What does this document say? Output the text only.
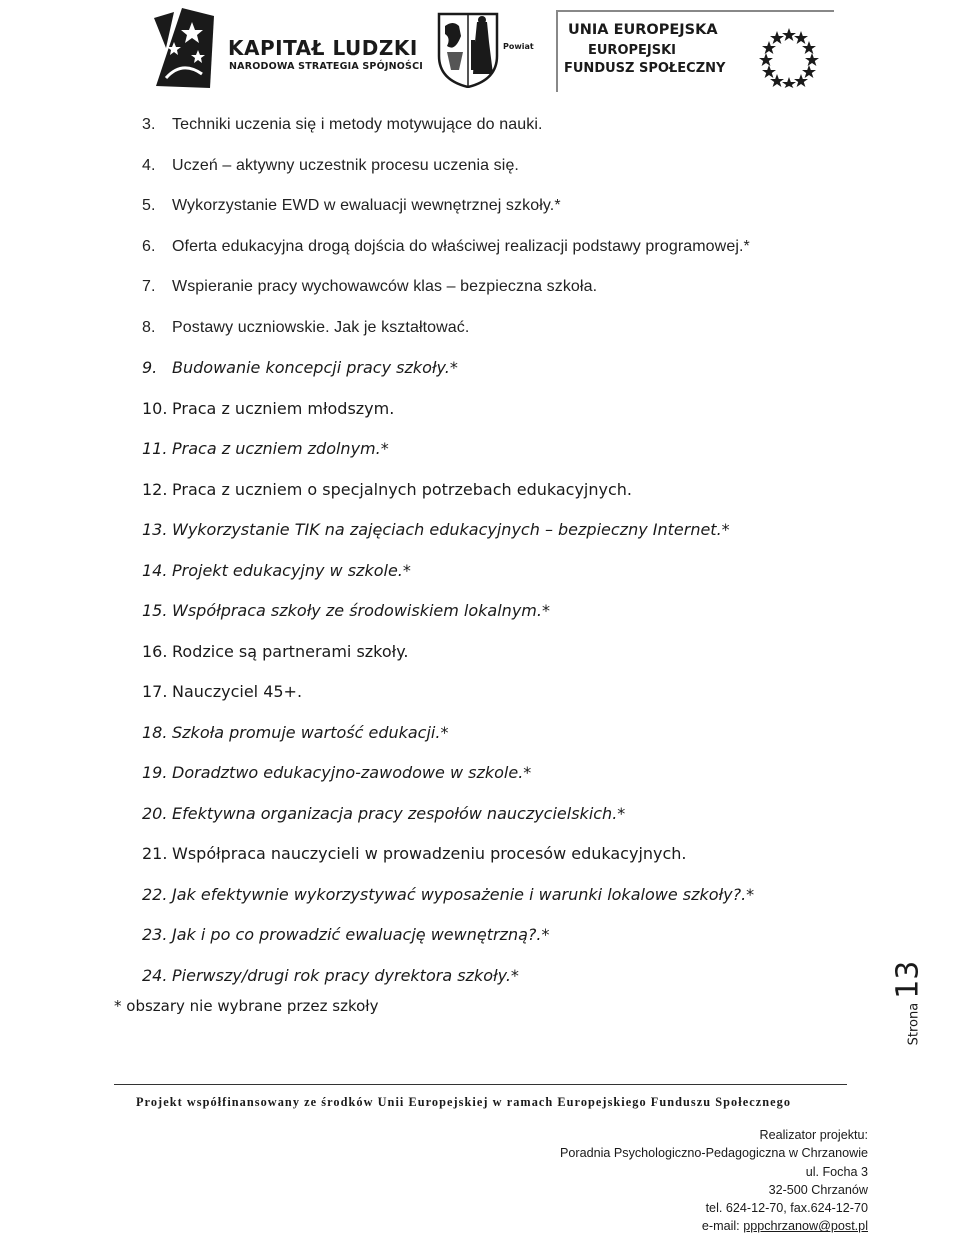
KAPITAŁ LUDZKI
NARODOWA STRATEGIA SPÓJNOŚCI
Powiat
UNIA EUROPEJSKA
EUROPEJSKI
FUNDUSZ SPOŁECZNY
3. Techniki uczenia się i metody motywujące do nauki.
4. Uczeń – aktywny uczestnik procesu uczenia się.
5. Wykorzystanie EWD w ewaluacji wewnętrznej szkoły.*
6. Oferta edukacyjna drogą dojścia do właściwej realizacji podstawy programowej.*
7. Wspieranie pracy wychowawców klas – bezpieczna szkoła.
8. Postawy uczniowskie. Jak je kształtować.
9. Budowanie koncepcji pracy szkoły.*
10. Praca z uczniem młodszym.
11. Praca z uczniem zdolnym.*
12. Praca z uczniem o specjalnych potrzebach edukacyjnych.
13. Wykorzystanie TIK na zajęciach edukacyjnych – bezpieczny Internet.*
14. Projekt edukacyjny w szkole.*
15. Współpraca szkoły ze środowiskiem lokalnym.*
16. Rodzice są partnerami szkoły.
17. Nauczyciel 45+.
18. Szkoła promuje wartość edukacji.*
19. Doradztwo edukacyjno-zawodowe w szkole.*
20. Efektywna organizacja pracy zespołów nauczycielskich.*
21. Współpraca nauczycieli w prowadzeniu procesów edukacyjnych.
22. Jak efektywnie wykorzystywać wyposażenie i warunki lokalowe szkoły?.*
23. Jak i po co prowadzić ewaluację wewnętrzną?.*
24. Pierwszy/drugi rok pracy dyrektora szkoły.*
* obszary nie wybrane przez szkoły	Strona13
Projekt współfinansowany ze środków Unii Europejskiej w ramach Europejskiego Funduszu Społecznego
Realizator projektu:
Poradnia Psychologiczno-Pedagogiczna w Chrzanowie
ul. Focha 3
32-500 Chrzanów
tel. 624-12-70, fax.624-12-70
e-mail: pppchrzanow@post.pl
